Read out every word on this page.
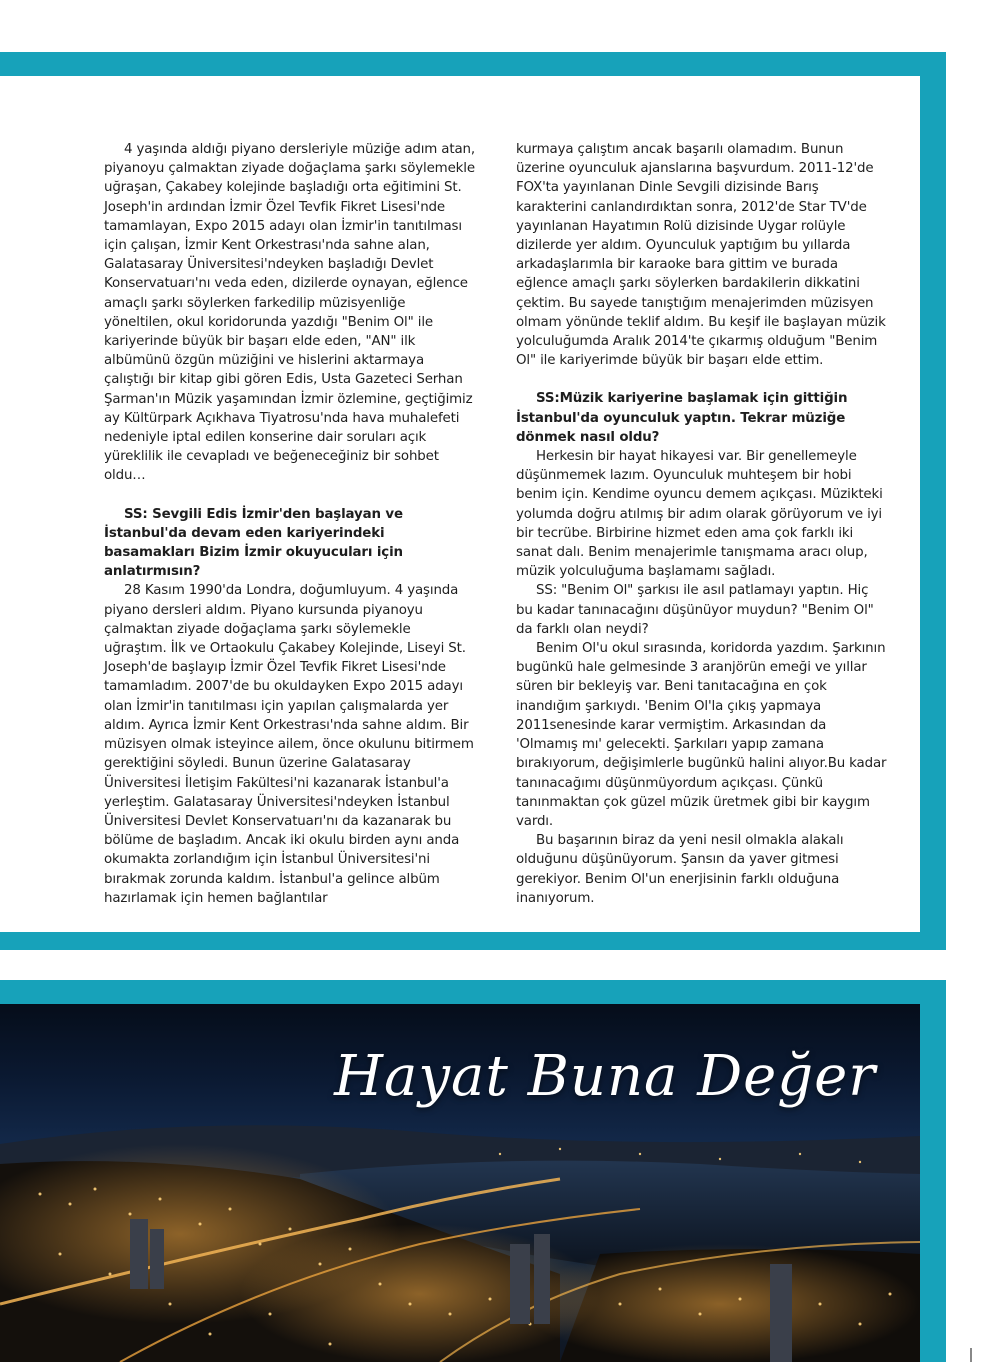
4 yaşında aldığı piyano dersleriyle müziğe adım atan, piyanoyu çalmaktan ziyade doğaçlama şarkı söylemekle uğraşan, Çakabey kolejinde başladığı orta eğitimini St. Joseph'in ardından İzmir Özel Tevfik Fikret Lisesi'nde tamamlayan, Expo 2015 adayı olan İzmir'in tanıtılması için çalışan, İzmir Kent Orkestrası'nda sahne alan, Galatasaray Üniversitesi'ndeyken başladığı Devlet Konservatuarı'nı veda eden, dizilerde oynayan, eğlence amaçlı şarkı söylerken farkedilip müzisyenliğe yöneltilen, okul koridorunda yazdığı "Benim Ol" ile kariyerinde büyük bir başarı elde eden, "AN" ilk albümünü özgün müziğini ve hislerini aktarmaya çalıştığı bir kitap gibi gören Edis, Usta Gazeteci Serhan Şarman'ın Müzik yaşamından İzmir özlemine, geçtiğimiz ay Kültürpark Açıkhava Tiyatrosu'nda hava muhalefeti nedeniyle iptal edilen konserine dair soruları açık yüreklilik ile cevapladı ve beğeneceğiniz bir sohbet oldu…

SS: Sevgili Edis İzmir'den başlayan ve İstanbul'da devam eden kariyerindeki basamakları Bizim İzmir okuyucuları için anlatırmısın?

28 Kasım 1990'da Londra, doğumluyum. 4 yaşında piyano dersleri aldım. Piyano kursunda piyanoyu çalmaktan ziyade doğaçlama şarkı söylemekle uğraştım. İlk ve Ortaokulu Çakabey Kolejinde, Liseyi St. Joseph'de başlayıp İzmir Özel Tevfik Fikret Lisesi'nde tamamladım. 2007'de bu okuldayken Expo 2015 adayı olan İzmir'in tanıtılması için yapılan çalışmalarda yer aldım. Ayrıca İzmir Kent Orkestrası'nda sahne aldım. Bir müzisyen olmak isteyince ailem, önce okulunu bitirmem gerektiğini söyledi. Bunun üzerine Galatasaray Üniversitesi İletişim Fakültesi'ni kazanarak İstanbul'a yerleştim. Galatasaray Üniversitesi'ndeyken İstanbul Üniversitesi Devlet Konservatuarı'nı da kazanarak bu bölüme de başladım. Ancak iki okulu birden aynı anda okumakta zorlandığım için İstanbul Üniversitesi'ni bırakmak zorunda kaldım. İstanbul'a gelince albüm hazırlamak için hemen bağlantılar

kurmaya çalıştım ancak başarılı olamadım. Bunun üzerine oyunculuk ajanslarına başvurdum. 2011-12'de FOX'ta yayınlanan Dinle Sevgili dizisinde Barış karakterini canlandırdıktan sonra, 2012'de Star TV'de yayınlanan Hayatımın Rolü dizisinde Uygar rolüyle dizilerde yer aldım. Oyunculuk yaptığım bu yıllarda arkadaşlarımla bir karaoke bara gittim ve burada eğlence amaçlı şarkı söylerken bardakilerin dikkatini çektim. Bu sayede tanıştığım menajerimden müzisyen olmam yönünde teklif aldım. Bu keşif ile başlayan müzik yolculuğumda Aralık 2014'te çıkarmış olduğum "Benim Ol" ile kariyerimde büyük bir başarı elde ettim.

SS:Müzik kariyerine başlamak için gittiğin İstanbul'da oyunculuk yaptın. Tekrar müziğe dönmek nasıl oldu?

Herkesin bir hayat hikayesi var. Bir genellemeyle düşünmemek lazım. Oyunculuk muhteşem bir hobi benim için. Kendime oyuncu demem açıkçası. Müzikteki yolumda doğru atılmış bir adım olarak görüyorum ve iyi bir tecrübe. Birbirine hizmet eden ama çok farklı iki sanat dalı. Benim menajerimle tanışmama aracı olup, müzik yolculuğuma başlamamı sağladı.

SS: "Benim Ol" şarkısı ile asıl patlamayı yaptın. Hiç bu kadar tanınacağını düşünüyor muydun? "Benim Ol" da farklı olan neydi?

Benim Ol'u okul sırasında, koridorda yazdım. Şarkının bugünkü hale gelmesinde 3 aranjörün emeği ve yıllar süren bir bekleyiş var. Beni tanıtacağına en çok inandığım şarkıydı. 'Benim Ol'la çıkış yapmaya 2011senesinde karar vermiştim. Arkasından da 'Olmamış mı' gelecekti. Şarkıları yapıp zamana bırakıyorum, değişimlerle bugünkü halini alıyor.Bu kadar tanınacağımı düşünmüyordum açıkçası. Çünkü tanınmaktan çok güzel müzik üretmek gibi bir kaygım vardı.

Bu başarının biraz da yeni nesil olmakla alakalı olduğunu düşünüyorum. Şansın da yaver gitmesi gerekiyor. Benim Ol'un enerjisinin farklı olduğuna inanıyorum.

Hayat Buna Değer
